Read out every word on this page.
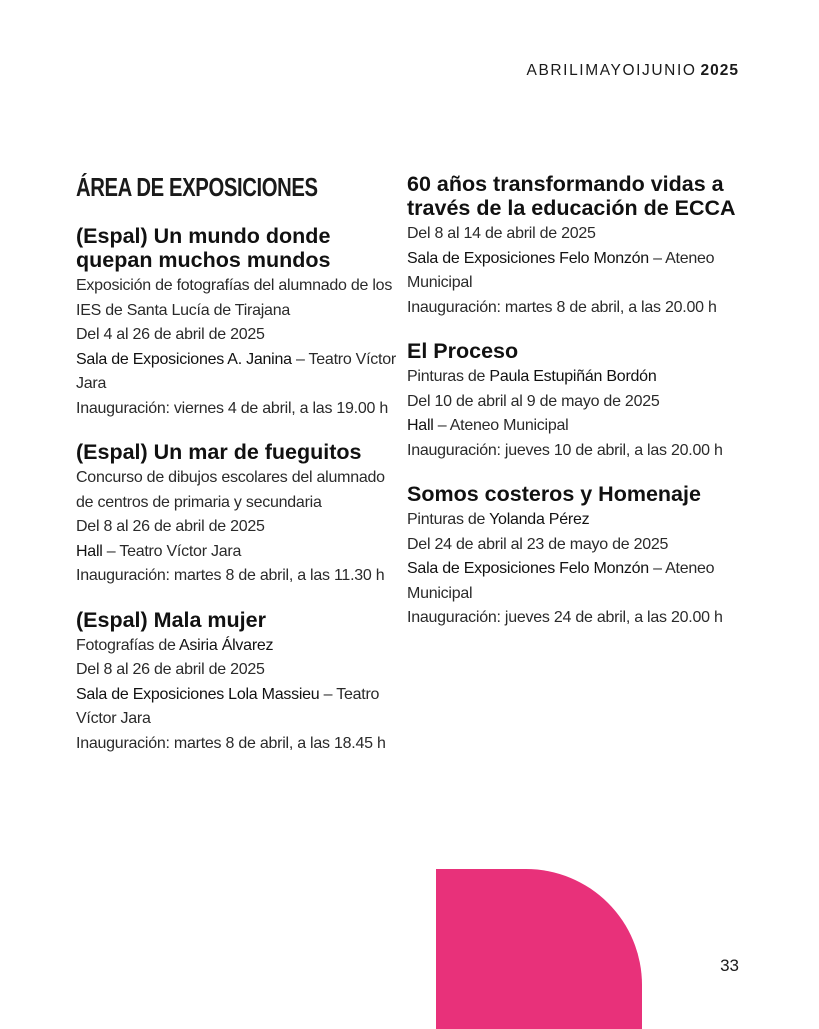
ABRILIMAYOIJUNIO 2025
ÁREA DE EXPOSICIONES
(Espal) Un mundo donde quepan muchos mundos
Exposición de fotografías del alumnado de los IES de Santa Lucía de Tirajana
Del 4 al 26 de abril de 2025
Sala de Exposiciones A. Janina – Teatro Víctor Jara
Inauguración: viernes 4 de abril, a las 19.00 h
(Espal) Un mar de fueguitos
Concurso de dibujos escolares del alumnado de centros de primaria y secundaria
Del 8 al 26 de abril de 2025
Hall – Teatro Víctor Jara
Inauguración: martes 8 de abril, a las 11.30 h
(Espal) Mala mujer
Fotografías de Asiria Álvarez
Del 8 al 26 de abril de 2025
Sala de Exposiciones Lola Massieu – Teatro Víctor Jara
Inauguración: martes 8 de abril, a las 18.45 h
60 años transformando vidas a través de la educación de ECCA
Del 8 al 14 de abril de 2025
Sala de Exposiciones Felo Monzón – Ateneo Municipal
Inauguración: martes 8 de abril, a las 20.00 h
El Proceso
Pinturas de Paula Estupiñán Bordón
Del 10 de abril al 9 de mayo de 2025
Hall – Ateneo Municipal
Inauguración: jueves 10 de abril, a las 20.00 h
Somos costeros y Homenaje
Pinturas de Yolanda Pérez
Del 24 de abril al 23 de mayo de 2025
Sala de Exposiciones Felo Monzón – Ateneo Municipal
Inauguración: jueves 24 de abril, a las 20.00 h
33
